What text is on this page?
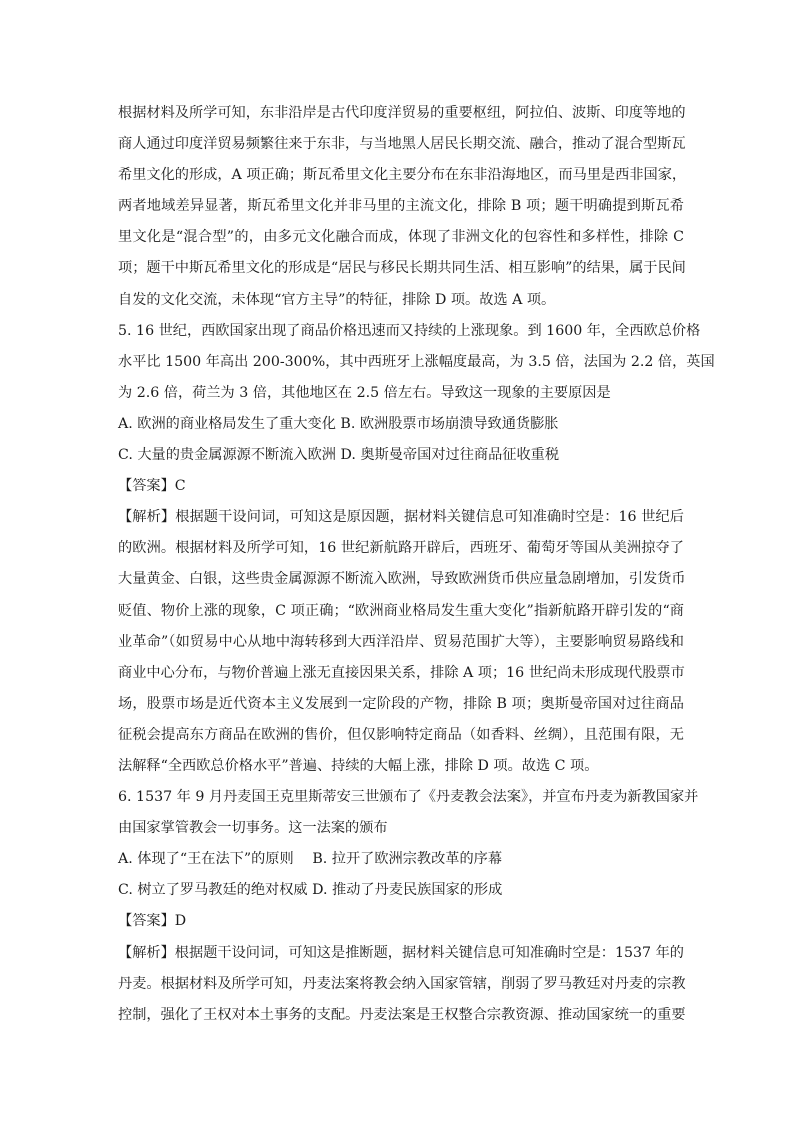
根据材料及所学可知，东非沿岸是古代印度洋贸易的重要枢纽，阿拉伯、波斯、印度等地的
商人通过印度洋贸易频繁往来于东非，与当地黑人居民长期交流、融合，推动了混合型斯瓦
希里文化的形成，A 项正确；斯瓦希里文化主要分布在东非沿海地区，而马里是西非国家，
两者地域差异显著，斯瓦希里文化并非马里的主流文化，排除 B 项；题干明确提到斯瓦希
里文化是“混合型”的，由多元文化融合而成，体现了非洲文化的包容性和多样性，排除 C
项；题干中斯瓦希里文化的形成是“居民与移民长期共同生活、相互影响”的结果，属于民间
自发的文化交流，未体现“官方主导”的特征，排除 D 项。故选 A 项。
5. 16 世纪，西欧国家出现了商品价格迅速而又持续的上涨现象。到 1600 年，全西欧总价格
水平比 1500 年高出 200-300%，其中西班牙上涨幅度最高，为 3.5 倍，法国为 2.2 倍，英国
为 2.6 倍，荷兰为 3 倍，其他地区在 2.5 倍左右。导致这一现象的主要原因是
A. 欧洲的商业格局发生了重大变化 B. 欧洲股票市场崩溃导致通货膨胀
C. 大量的贵金属源源不断流入欧洲 D. 奥斯曼帝国对过往商品征收重税
【答案】C
【解析】根据题干设问词，可知这是原因题，据材料关键信息可知准确时空是：16 世纪后
的欧洲。根据材料及所学可知，16 世纪新航路开辟后，西班牙、葡萄牙等国从美洲掠夺了
大量黄金、白银，这些贵金属源源不断流入欧洲，导致欧洲货币供应量急剧增加，引发货币
贬值、物价上涨的现象，C 项正确；“欧洲商业格局发生重大变化”指新航路开辟引发的“商
业革命”（如贸易中心从地中海转移到大西洋沿岸、贸易范围扩大等），主要影响贸易路线和
商业中心分布，与物价普遍上涨无直接因果关系，排除 A 项；16 世纪尚未形成现代股票市
场，股票市场是近代资本主义发展到一定阶段的产物，排除 B 项；奥斯曼帝国对过往商品
征税会提高东方商品在欧洲的售价，但仅影响特定商品（如香料、丝绸），且范围有限，无
法解释“全西欧总价格水平”普遍、持续的大幅上涨，排除 D 项。故选 C 项。
6. 1537 年 9 月丹麦国王克里斯蒂安三世颁布了《丹麦教会法案》，并宣布丹麦为新教国家并
由国家掌管教会一切事务。这一法案的颁布
A. 体现了“王在法下”的原则　 B. 拉开了欧洲宗教改革的序幕
C. 树立了罗马教廷的绝对权威 D. 推动了丹麦民族国家的形成
【答案】D
【解析】根据题干设问词，可知这是推断题，据材料关键信息可知准确时空是：1537 年的
丹麦。根据材料及所学可知，丹麦法案将教会纳入国家管辖，削弱了罗马教廷对丹麦的宗教
控制，强化了王权对本土事务的支配。丹麦法案是王权整合宗教资源、推动国家统一的重要
